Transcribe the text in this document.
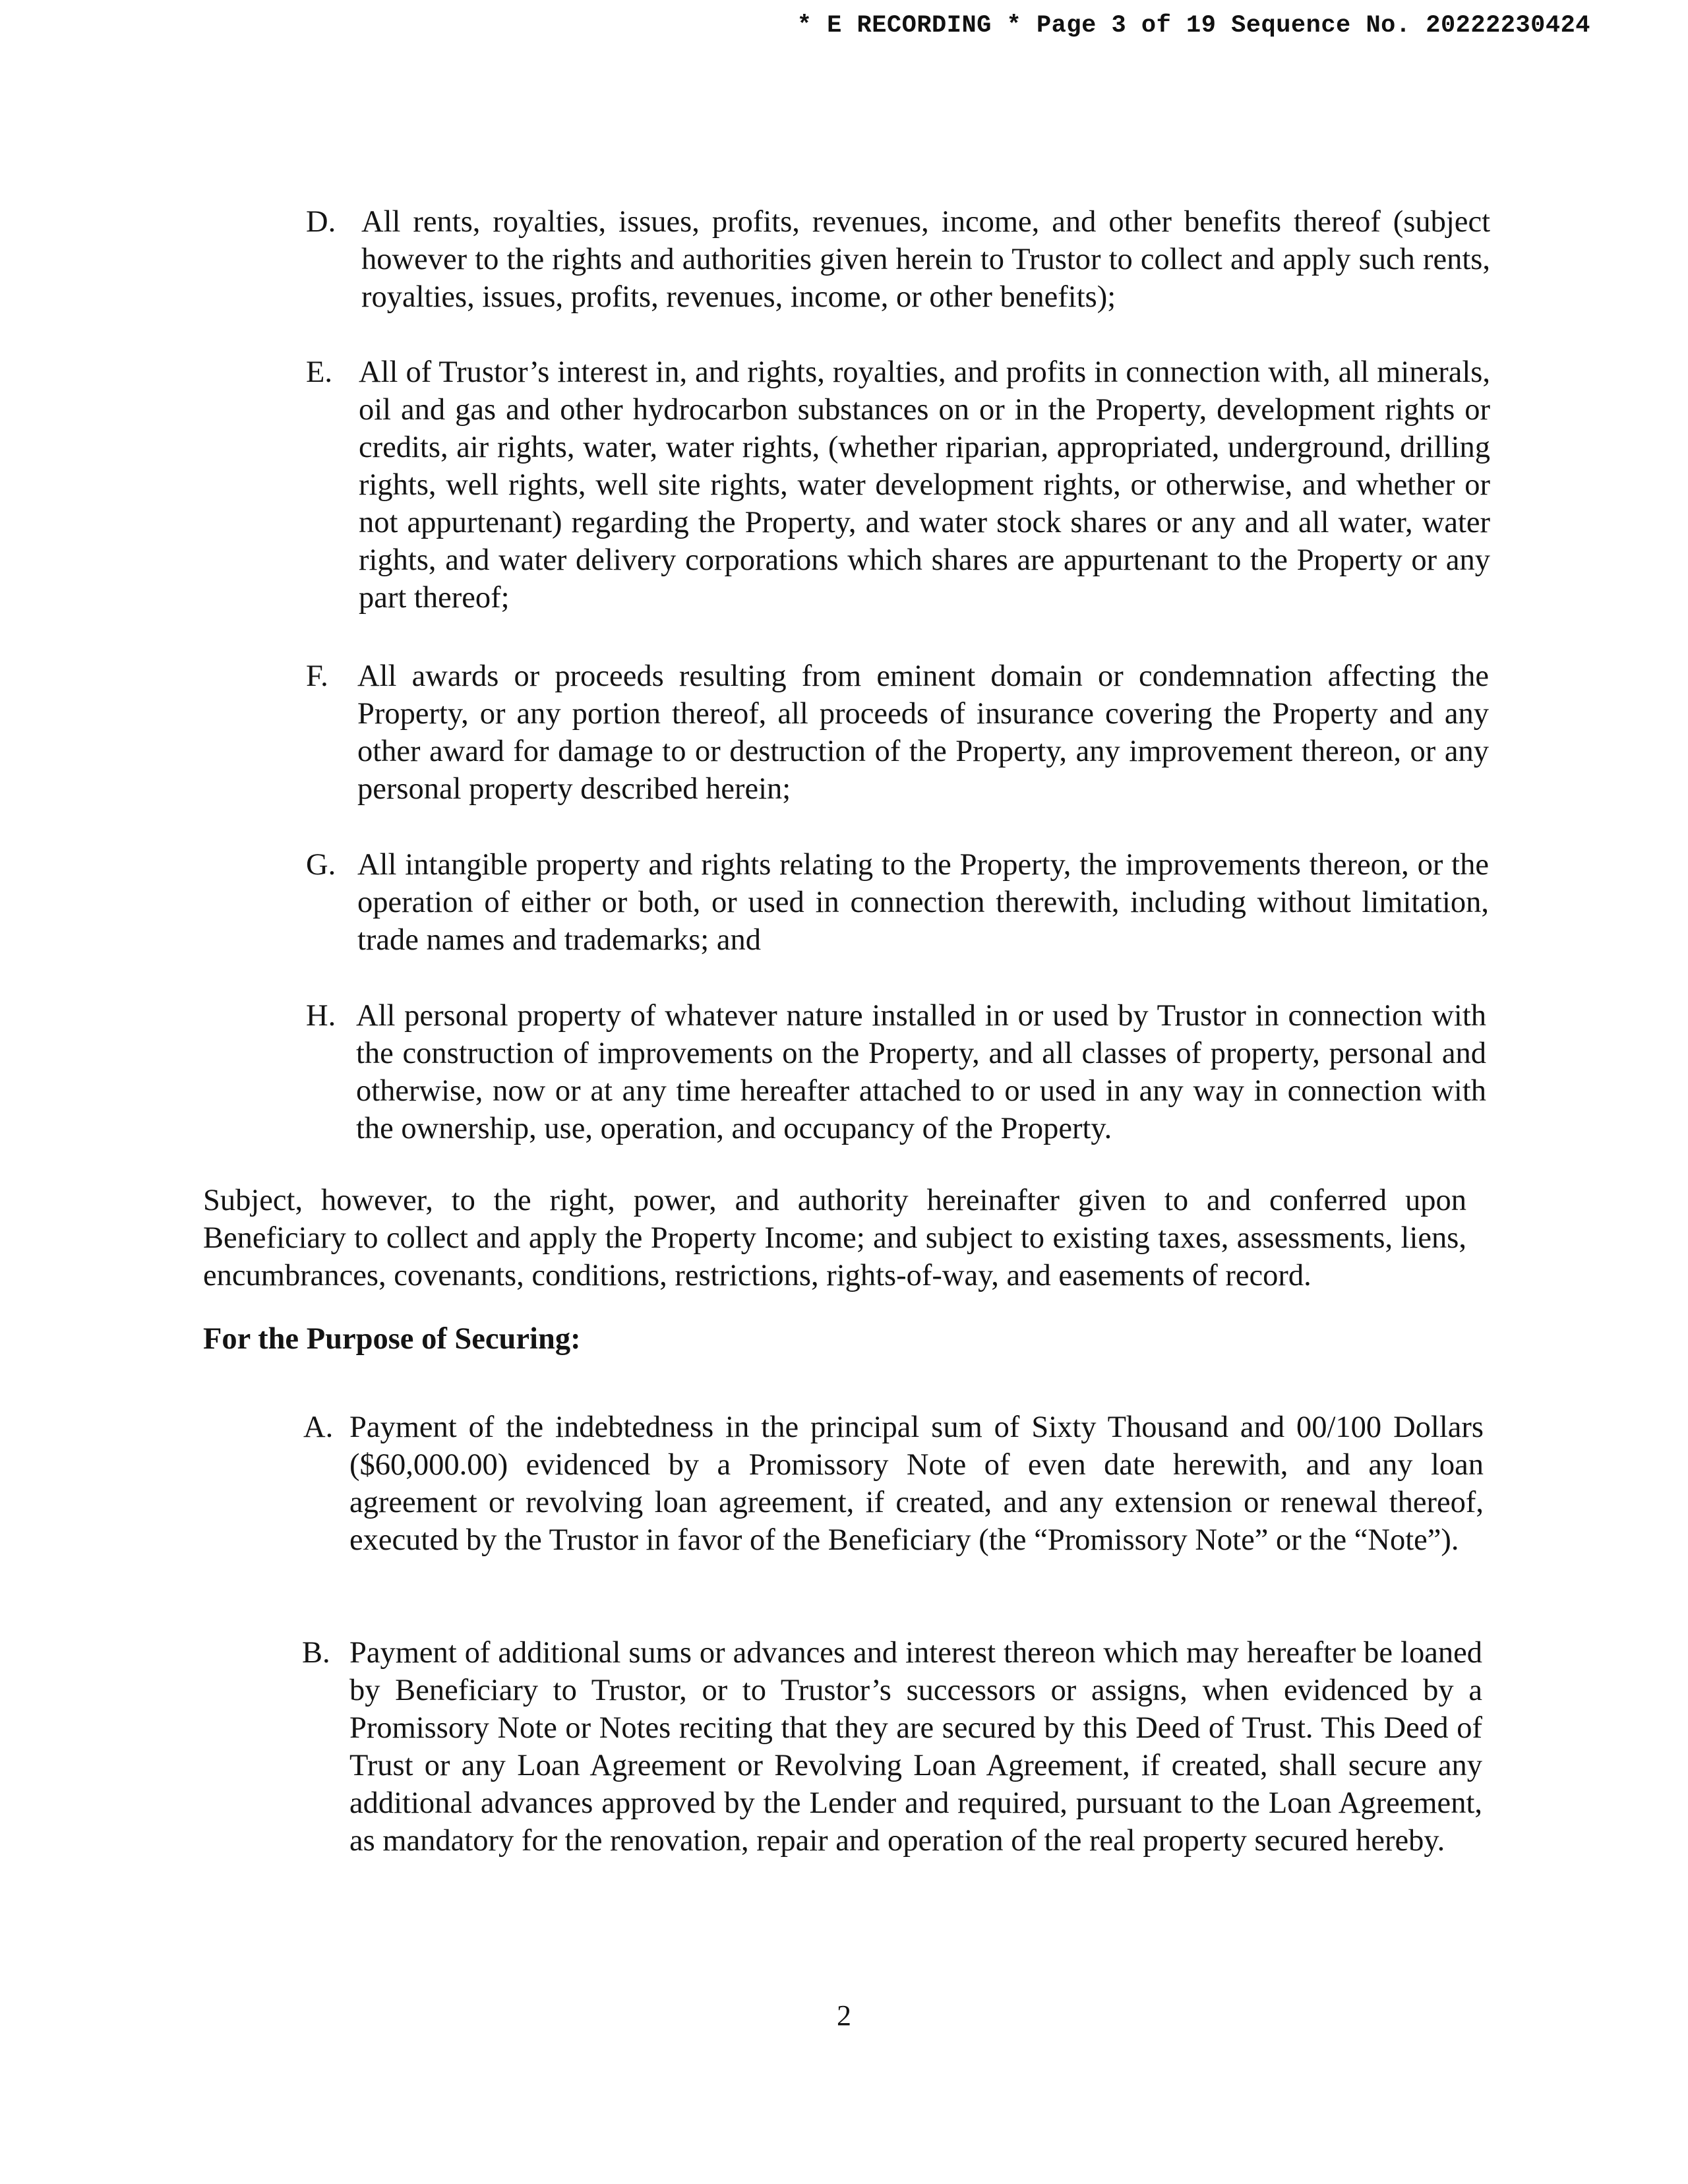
* E RECORDING * Page 3 of 19 Sequence No. 20222230424
D. All rents, royalties, issues, profits, revenues, income, and other benefits thereof (subject however to the rights and authorities given herein to Trustor to collect and apply such rents, royalties, issues, profits, revenues, income, or other benefits);
E. All of Trustor’s interest in, and rights, royalties, and profits in connection with, all minerals, oil and gas and other hydrocarbon substances on or in the Property, development rights or credits, air rights, water, water rights, (whether riparian, appropriated, underground, drilling rights, well rights, well site rights, water development rights, or otherwise, and whether or not appurtenant) regarding the Property, and water stock shares or any and all water, water rights, and water delivery corporations which shares are appurtenant to the Property or any part thereof;
F. All awards or proceeds resulting from eminent domain or condemnation affecting the Property, or any portion thereof, all proceeds of insurance covering the Property and any other award for damage to or destruction of the Property, any improvement thereon, or any personal property described herein;
G. All intangible property and rights relating to the Property, the improvements thereon, or the operation of either or both, or used in connection therewith, including without limitation, trade names and trademarks; and
H. All personal property of whatever nature installed in or used by Trustor in connection with the construction of improvements on the Property, and all classes of property, personal and otherwise, now or at any time hereafter attached to or used in any way in connection with the ownership, use, operation, and occupancy of the Property.
Subject, however, to the right, power, and authority hereinafter given to and conferred upon Beneficiary to collect and apply the Property Income; and subject to existing taxes, assessments, liens, encumbrances, covenants, conditions, restrictions, rights-of-way, and easements of record.
For the Purpose of Securing:
A. Payment of the indebtedness in the principal sum of Sixty Thousand and 00/100 Dollars ($60,000.00) evidenced by a Promissory Note of even date herewith, and any loan agreement or revolving loan agreement, if created, and any extension or renewal thereof, executed by the Trustor in favor of the Beneficiary (the “Promissory Note” or the “Note”).
B. Payment of additional sums or advances and interest thereon which may hereafter be loaned by Beneficiary to Trustor, or to Trustor’s successors or assigns, when evidenced by a Promissory Note or Notes reciting that they are secured by this Deed of Trust. This Deed of Trust or any Loan Agreement or Revolving Loan Agreement, if created, shall secure any additional advances approved by the Lender and required, pursuant to the Loan Agreement, as mandatory for the renovation, repair and operation of the real property secured hereby.
2
